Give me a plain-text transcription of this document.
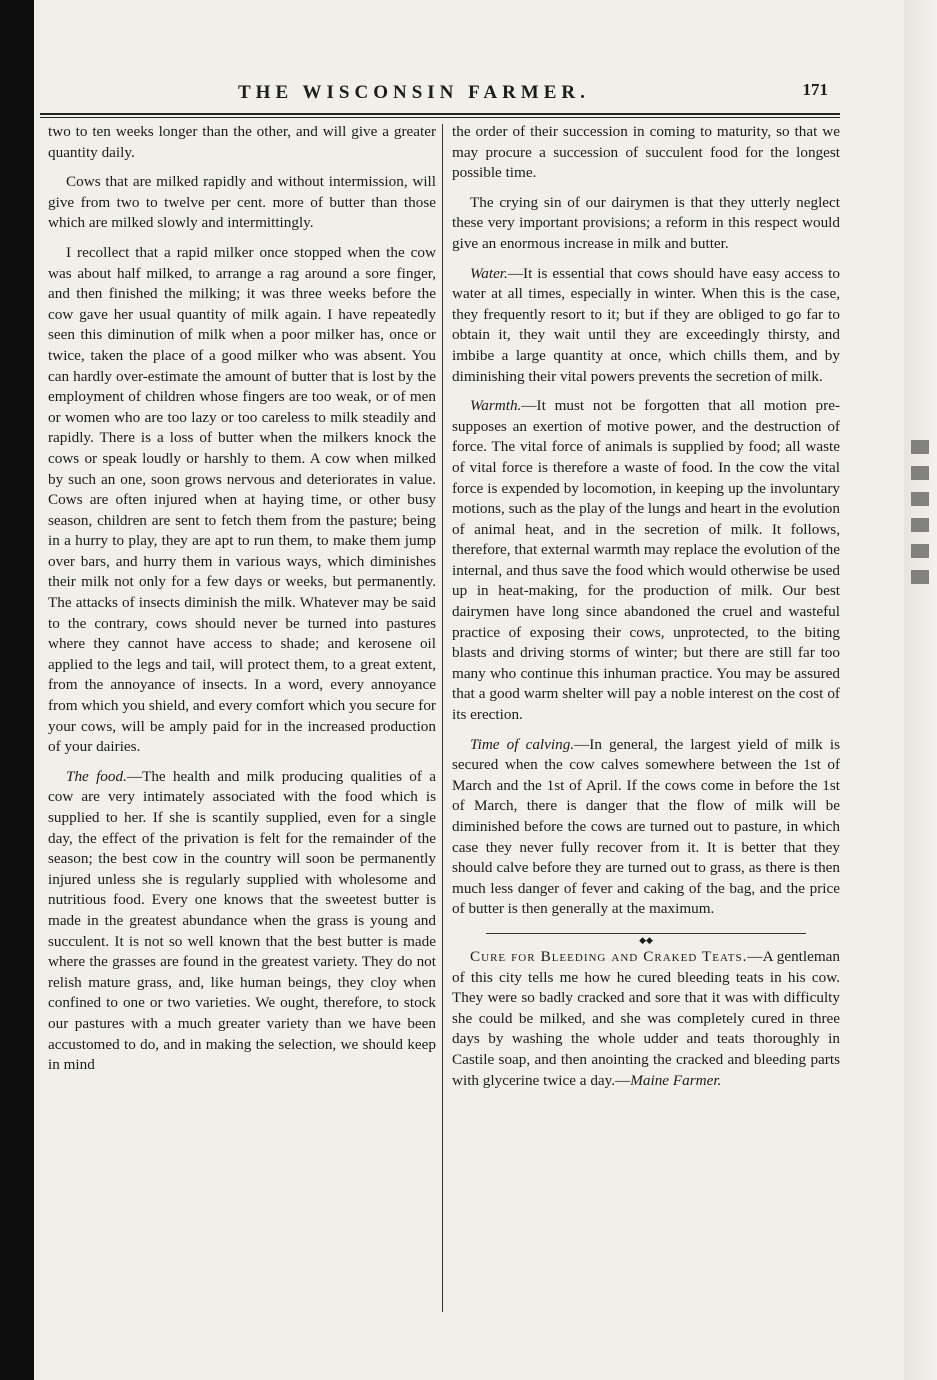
THE WISCONSIN FARMER.	171

two to ten weeks longer than the other, and will give a greater quantity daily.

Cows that are milked rapidly and without intermission, will give from two to twelve per cent. more of butter than those which are milked slowly and intermittingly.

I recollect that a rapid milker once stopped when the cow was about half milked, to arrange a rag around a sore finger, and then finished the milking; it was three weeks before the cow gave her usual quantity of milk again. I have repeatedly seen this diminution of milk when a poor milker has, once or twice, taken the place of a good milker who was absent. You can hardly over-estimate the amount of butter that is lost by the employment of children whose fingers are too weak, or of men or women who are too lazy or too careless to milk steadily and rapidly. There is a loss of butter when the milkers knock the cows or speak loudly or harshly to them. A cow when milked by such an one, soon grows nervous and deteriorates in value. Cows are often injured when at haying time, or other busy season, children are sent to fetch them from the pasture; being in a hurry to play, they are apt to run them, to make them jump over bars, and hurry them in various ways, which diminishes their milk not only for a few days or weeks, but permanently. The attacks of insects diminish the milk. Whatever may be said to the contrary, cows should never be turned into pastures where they cannot have access to shade; and kerosene oil applied to the legs and tail, will protect them, to a great extent, from the annoyance of insects. In a word, every annoyance from which you shield, and every comfort which you secure for your cows, will be amply paid for in the increased production of your dairies.

The food.—The health and milk producing qualities of a cow are very intimately associated with the food which is supplied to her. If she is scantily supplied, even for a single day, the effect of the privation is felt for the remainder of the season; the best cow in the country will soon be permanently injured unless she is regularly supplied with wholesome and nutritious food. Every one knows that the sweetest butter is made in the greatest abundance when the grass is young and succulent. It is not so well known that the best butter is made where the grasses are found in the greatest variety. They do not relish mature grass, and, like human beings, they cloy when confined to one or two varieties. We ought, therefore, to stock our pastures with a much greater variety than we have been accustomed to do, and in making the selection, we should keep in mind

the order of their succession in coming to maturity, so that we may procure a succession of succulent food for the longest possible time.

The crying sin of our dairymen is that they utterly neglect these very important provisions; a reform in this respect would give an enormous increase in milk and butter.

Water.—It is essential that cows should have easy access to water at all times, especially in winter. When this is the case, they frequently resort to it; but if they are obliged to go far to obtain it, they wait until they are exceedingly thirsty, and imbibe a large quantity at once, which chills them, and by diminishing their vital powers prevents the secretion of milk.

Warmth.—It must not be forgotten that all motion pre-supposes an exertion of motive power, and the destruction of force. The vital force of animals is supplied by food; all waste of vital force is therefore a waste of food. In the cow the vital force is expended by locomotion, in keeping up the involuntary motions, such as the play of the lungs and heart in the evolution of animal heat, and in the secretion of milk. It follows, therefore, that external warmth may replace the evolution of the internal, and thus save the food which would otherwise be used up in heat-making, for the production of milk. Our best dairymen have long since abandoned the cruel and wasteful practice of exposing their cows, unprotected, to the biting blasts and driving storms of winter; but there are still far too many who continue this inhuman practice. You may be assured that a good warm shelter will pay a noble interest on the cost of its erection.

Time of calving.—In general, the largest yield of milk is secured when the cow calves somewhere between the 1st of March and the 1st of April. If the cows come in before the 1st of March, there is danger that the flow of milk will be diminished before the cows are turned out to pasture, in which case they never fully recover from it. It is better that they should calve before they are turned out to grass, as there is then much less danger of fever and caking of the bag, and the price of butter is then generally at the maximum.

◆◆

Cure for Bleeding and Craked Teats.—A gentleman of this city tells me how he cured bleeding teats in his cow. They were so badly cracked and sore that it was with difficulty she could be milked, and she was completely cured in three days by washing the whole udder and teats thoroughly in Castile soap, and then anointing the cracked and bleeding parts with glycerine twice a day.—Maine Farmer.
